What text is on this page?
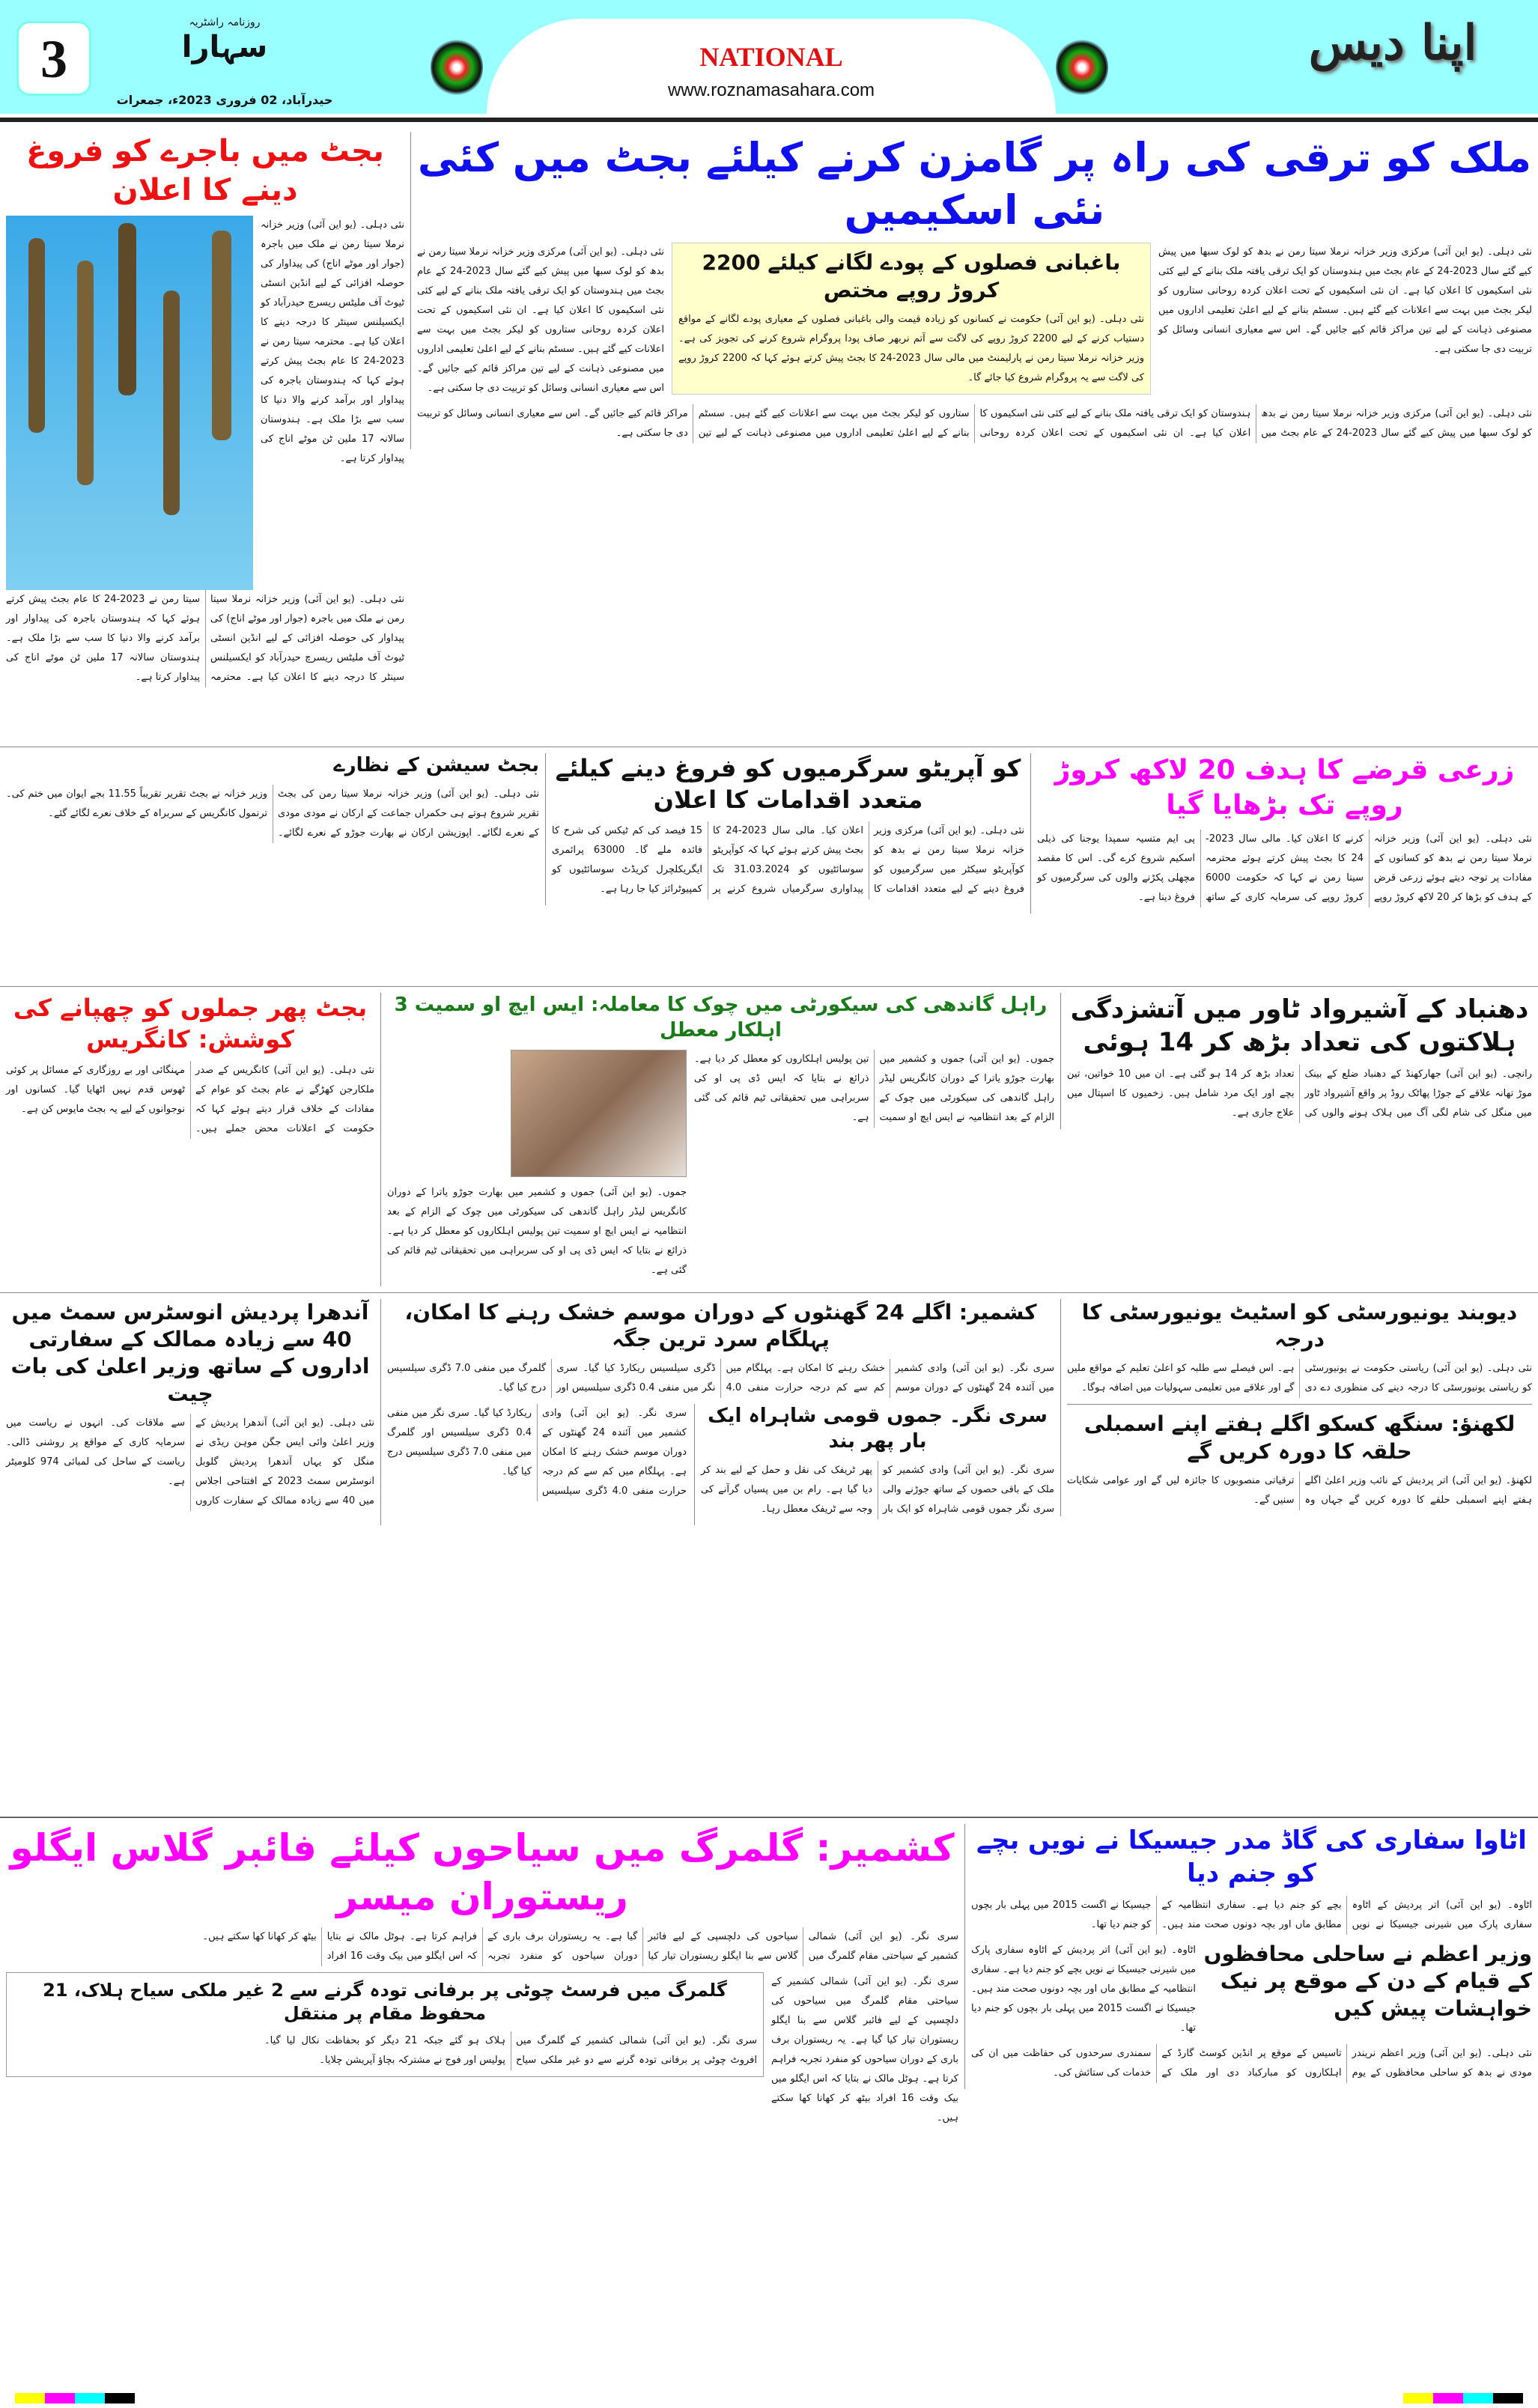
3
روزنامہ راشٹریہ
سہارا
حیدرآباد، 02 فروری 2023ء، جمعرات
NATIONAL
www.roznamasahara.com
اپنا دیس
بجٹ میں باجرے کو فروغ دینے کا اعلان
نئی دہلی۔ (یو این آئی) وزیر خزانہ نرملا سیتا رمن نے ملک میں باجرہ (جوار اور موٹے اناج) کی پیداوار کی حوصلہ افزائی کے لیے انڈین انسٹی ٹیوٹ آف ملیٹس ریسرچ حیدرآباد کو ایکسیلنس سینٹر کا درجہ دینے کا اعلان کیا ہے۔ محترمہ سیتا رمن نے 2023-24 کا عام بجٹ پیش کرتے ہوئے کہا کہ ہندوستان باجرہ کی پیداوار اور برآمد کرنے والا دنیا کا سب سے بڑا ملک ہے۔ ہندوستان سالانہ 17 ملین ٹن موٹے اناج کی پیداوار کرتا ہے۔
نئی دہلی۔ (یو این آئی) وزیر خزانہ نرملا سیتا رمن نے ملک میں باجرہ (جوار اور موٹے اناج) کی پیداوار کی حوصلہ افزائی کے لیے انڈین انسٹی ٹیوٹ آف ملیٹس ریسرچ حیدرآباد کو ایکسیلنس سینٹر کا درجہ دینے کا اعلان کیا ہے۔ محترمہ سیتا رمن نے 2023-24 کا عام بجٹ پیش کرتے ہوئے کہا کہ ہندوستان باجرہ کی پیداوار اور برآمد کرنے والا دنیا کا سب سے بڑا ملک ہے۔ ہندوستان سالانہ 17 ملین ٹن موٹے اناج کی پیداوار کرتا ہے۔
ملک کو ترقی کی راہ پر گامزن کرنے کیلئے بجٹ میں کئی نئی اسکیمیں
نئی دہلی۔ (یو این آئی) مرکزی وزیر خزانہ نرملا سیتا رمن نے بدھ کو لوک سبھا میں پیش کیے گئے سال 2023-24 کے عام بجٹ میں ہندوستان کو ایک ترقی یافتہ ملک بنانے کے لیے کئی نئی اسکیموں کا اعلان کیا ہے۔ ان نئی اسکیموں کے تحت اعلان کردہ روحانی ستاروں کو لیکر بجٹ میں بہت سے اعلانات کیے گئے ہیں۔ سسٹم بنانے کے لیے اعلیٰ تعلیمی اداروں میں مصنوعی ذہانت کے لیے تین مراکز قائم کیے جائیں گے۔ اس سے معیاری انسانی وسائل کو تربیت دی جا سکتی ہے۔
باغبانی فصلوں کے پودے لگانے کیلئے 2200 کروڑ روپے مختص
نئی دہلی۔ (یو این آئی) حکومت نے کسانوں کو زیادہ قیمت والی باغبانی فصلوں کے معیاری پودے لگانے کے مواقع دستیاب کرنے کے لیے 2200 کروڑ روپے کی لاگت سے آتم نربھر صاف پودا پروگرام شروع کرنے کی تجویز کی ہے۔ وزیر خزانہ نرملا سیتا رمن نے پارلیمنٹ میں مالی سال 2023-24 کا بجٹ پیش کرتے ہوئے کہا کہ 2200 کروڑ روپے کی لاگت سے یہ پروگرام شروع کیا جائے گا۔
نئی دہلی۔ (یو این آئی) مرکزی وزیر خزانہ نرملا سیتا رمن نے بدھ کو لوک سبھا میں پیش کیے گئے سال 2023-24 کے عام بجٹ میں ہندوستان کو ایک ترقی یافتہ ملک بنانے کے لیے کئی نئی اسکیموں کا اعلان کیا ہے۔ ان نئی اسکیموں کے تحت اعلان کردہ روحانی ستاروں کو لیکر بجٹ میں بہت سے اعلانات کیے گئے ہیں۔ سسٹم بنانے کے لیے اعلیٰ تعلیمی اداروں میں مصنوعی ذہانت کے لیے تین مراکز قائم کیے جائیں گے۔ اس سے معیاری انسانی وسائل کو تربیت دی جا سکتی ہے۔
نئی دہلی۔ (یو این آئی) مرکزی وزیر خزانہ نرملا سیتا رمن نے بدھ کو لوک سبھا میں پیش کیے گئے سال 2023-24 کے عام بجٹ میں ہندوستان کو ایک ترقی یافتہ ملک بنانے کے لیے کئی نئی اسکیموں کا اعلان کیا ہے۔ ان نئی اسکیموں کے تحت اعلان کردہ روحانی ستاروں کو لیکر بجٹ میں بہت سے اعلانات کیے گئے ہیں۔ سسٹم بنانے کے لیے اعلیٰ تعلیمی اداروں میں مصنوعی ذہانت کے لیے تین مراکز قائم کیے جائیں گے۔ اس سے معیاری انسانی وسائل کو تربیت دی جا سکتی ہے۔
بجٹ سیشن کے نظارے
نئی دہلی۔ (یو این آئی) وزیر خزانہ نرملا سیتا رمن کی بجٹ تقریر شروع ہوتے ہی حکمراں جماعت کے ارکان نے مودی مودی کے نعرے لگائے۔ اپوزیشن ارکان نے بھارت جوڑو کے نعرے لگائے۔ وزیر خزانہ نے بجٹ تقریر تقریباً 11.55 بجے ایوان میں ختم کی۔ ترنمول کانگریس کے سربراہ کے خلاف نعرے لگائے گئے۔
کو آپریٹو سرگرمیوں کو فروغ دینے کیلئے متعدد اقدامات کا اعلان
نئی دہلی۔ (یو این آئی) مرکزی وزیر خزانہ نرملا سیتا رمن نے بدھ کو کوآپریٹو سیکٹر میں سرگرمیوں کو فروغ دینے کے لیے متعدد اقدامات کا اعلان کیا۔ مالی سال 2023-24 کا بجٹ پیش کرتے ہوئے کہا کہ کوآپریٹو سوسائٹیوں کو 31.03.2024 تک پیداواری سرگرمیاں شروع کرنے پر 15 فیصد کی کم ٹیکس کی شرح کا فائدہ ملے گا۔ 63000 پرائمری ایگریکلچرل کریڈٹ سوسائٹیوں کو کمپیوٹرائز کیا جا رہا ہے۔
زرعی قرضے کا ہدف 20 لاکھ کروڑ روپے تک بڑھایا گیا
نئی دہلی۔ (یو این آئی) وزیر خزانہ نرملا سیتا رمن نے بدھ کو کسانوں کے مفادات پر توجہ دیتے ہوئے زرعی قرض کے ہدف کو بڑھا کر 20 لاکھ کروڑ روپے کرنے کا اعلان کیا۔ مالی سال 2023-24 کا بجٹ پیش کرتے ہوئے محترمہ سیتا رمن نے کہا کہ حکومت 6000 کروڑ روپے کی سرمایہ کاری کے ساتھ پی ایم متسیہ سمپدا یوجنا کی ذیلی اسکیم شروع کرے گی۔ اس کا مقصد مچھلی پکڑنے والوں کی سرگرمیوں کو فروغ دینا ہے۔
بجٹ پھر جملوں کو چھپانے کی کوشش: کانگریس
نئی دہلی۔ (یو این آئی) کانگریس کے صدر ملکارجن کھڑگے نے عام بجٹ کو عوام کے مفادات کے خلاف قرار دیتے ہوئے کہا کہ حکومت کے اعلانات محض جملے ہیں۔ مہنگائی اور بے روزگاری کے مسائل پر کوئی ٹھوس قدم نہیں اٹھایا گیا۔ کسانوں اور نوجوانوں کے لیے یہ بجٹ مایوس کن ہے۔
راہل گاندھی کی سیکورٹی میں چوک کا معاملہ: ایس ایچ او سمیت 3 اہلکار معطل
جموں۔ (یو این آئی) جموں و کشمیر میں بھارت جوڑو یاترا کے دوران کانگریس لیڈر راہل گاندھی کی سیکورٹی میں چوک کے الزام کے بعد انتظامیہ نے ایس ایچ او سمیت تین پولیس اہلکاروں کو معطل کر دیا ہے۔ ذرائع نے بتایا کہ ایس ڈی پی او کی سربراہی میں تحقیقاتی ٹیم قائم کی گئی ہے۔
جموں۔ (یو این آئی) جموں و کشمیر میں بھارت جوڑو یاترا کے دوران کانگریس لیڈر راہل گاندھی کی سیکورٹی میں چوک کے الزام کے بعد انتظامیہ نے ایس ایچ او سمیت تین پولیس اہلکاروں کو معطل کر دیا ہے۔ ذرائع نے بتایا کہ ایس ڈی پی او کی سربراہی میں تحقیقاتی ٹیم قائم کی گئی ہے۔
دھنباد کے آشیرواد ٹاور میں آتشزدگی ہلاکتوں کی تعداد بڑھ کر 14 ہوئی
رانچی۔ (یو این آئی) جھارکھنڈ کے دھنباد ضلع کے بینک موڑ تھانہ علاقے کے جوڑا پھاٹک روڈ پر واقع آشیرواد ٹاور میں منگل کی شام لگی آگ میں ہلاک ہونے والوں کی تعداد بڑھ کر 14 ہو گئی ہے۔ ان میں 10 خواتین، تین بچے اور ایک مرد شامل ہیں۔ زخمیوں کا اسپتال میں علاج جاری ہے۔
آندھرا پردیش انوسٹرس سمٹ میں 40 سے زیادہ ممالک کے سفارتی اداروں کے ساتھ وزیر اعلیٰ کی بات چیت
نئی دہلی۔ (یو این آئی) آندھرا پردیش کے وزیر اعلیٰ وائی ایس جگن موہن ریڈی نے منگل کو یہاں آندھرا پردیش گلوبل انوسٹرس سمٹ 2023 کے افتتاحی اجلاس میں 40 سے زیادہ ممالک کے سفارت کاروں سے ملاقات کی۔ انہوں نے ریاست میں سرمایہ کاری کے مواقع پر روشنی ڈالی۔ ریاست کے ساحل کی لمبائی 974 کلومیٹر ہے۔
کشمیر: اگلے 24 گھنٹوں کے دوران موسم خشک رہنے کا امکان، پہلگام سرد ترین جگہ
سری نگر۔ (یو این آئی) وادی کشمیر میں آئندہ 24 گھنٹوں کے دوران موسم خشک رہنے کا امکان ہے۔ پہلگام میں کم سے کم درجہ حرارت منفی 4.0 ڈگری سیلسیس ریکارڈ کیا گیا۔ سری نگر میں منفی 0.4 ڈگری سیلسیس اور گلمرگ میں منفی 7.0 ڈگری سیلسیس درج کیا گیا۔
سری نگر۔ (یو این آئی) وادی کشمیر میں آئندہ 24 گھنٹوں کے دوران موسم خشک رہنے کا امکان ہے۔ پہلگام میں کم سے کم درجہ حرارت منفی 4.0 ڈگری سیلسیس ریکارڈ کیا گیا۔ سری نگر میں منفی 0.4 ڈگری سیلسیس اور گلمرگ میں منفی 7.0 ڈگری سیلسیس درج کیا گیا۔
سری نگر۔ جموں قومی شاہراہ ایک بار پھر بند
سری نگر۔ (یو این آئی) وادی کشمیر کو ملک کے باقی حصوں کے ساتھ جوڑنے والی سری نگر جموں قومی شاہراہ کو ایک بار پھر ٹریفک کی نقل و حمل کے لیے بند کر دیا گیا ہے۔ رام بن میں پسیاں گرآنے کی وجہ سے ٹریفک معطل رہا۔
دیوبند یونیورسٹی کو اسٹیٹ یونیورسٹی کا درجہ
نئی دہلی۔ (یو این آئی) ریاستی حکومت نے یونیورسٹی کو ریاستی یونیورسٹی کا درجہ دینے کی منظوری دے دی ہے۔ اس فیصلے سے طلبہ کو اعلیٰ تعلیم کے مواقع ملیں گے اور علاقے میں تعلیمی سہولیات میں اضافہ ہوگا۔
لکھنؤ: سنگھ کسکو اگلے ہفتے اپنے اسمبلی حلقہ کا دورہ کریں گے
لکھنؤ۔ (یو این آئی) اتر پردیش کے نائب وزیر اعلیٰ اگلے ہفتے اپنے اسمبلی حلقے کا دورہ کریں گے جہاں وہ ترقیاتی منصوبوں کا جائزہ لیں گے اور عوامی شکایات سنیں گے۔
کشمیر: گلمرگ میں سیاحوں کیلئے فائبر گلاس ایگلو ریستوران میسر
سری نگر۔ (یو این آئی) شمالی کشمیر کے سیاحتی مقام گلمرگ میں سیاحوں کی دلچسپی کے لیے فائبر گلاس سے بنا ایگلو ریستوران تیار کیا گیا ہے۔ یہ ریستوران برف باری کے دوران سیاحوں کو منفرد تجربہ فراہم کرتا ہے۔ ہوٹل مالک نے بتایا کہ اس ایگلو میں بیک وقت 16 افراد بیٹھ کر کھانا کھا سکتے ہیں۔
گلمرگ میں فرسٹ چوٹی پر برفانی تودہ گرنے سے 2 غیر ملکی سیاح ہلاک، 21 محفوظ مقام پر منتقل
سری نگر۔ (یو این آئی) شمالی کشمیر کے گلمرگ میں افروٹ چوٹی پر برفانی تودہ گرنے سے دو غیر ملکی سیاح ہلاک ہو گئے جبکہ 21 دیگر کو بحفاظت نکال لیا گیا۔ پولیس اور فوج نے مشترکہ بچاؤ آپریشن چلایا۔
سری نگر۔ (یو این آئی) شمالی کشمیر کے سیاحتی مقام گلمرگ میں سیاحوں کی دلچسپی کے لیے فائبر گلاس سے بنا ایگلو ریستوران تیار کیا گیا ہے۔ یہ ریستوران برف باری کے دوران سیاحوں کو منفرد تجربہ فراہم کرتا ہے۔ ہوٹل مالک نے بتایا کہ اس ایگلو میں بیک وقت 16 افراد بیٹھ کر کھانا کھا سکتے ہیں۔
اٹاوا سفاری کی گاڈ مدر جیسیکا نے نویں بچے کو جنم دیا
اٹاوہ۔ (یو این آئی) اتر پردیش کے اٹاوہ سفاری پارک میں شیرنی جیسیکا نے نویں بچے کو جنم دیا ہے۔ سفاری انتظامیہ کے مطابق ماں اور بچہ دونوں صحت مند ہیں۔ جیسیکا نے اگست 2015 میں پہلی بار بچوں کو جنم دیا تھا۔
اٹاوہ۔ (یو این آئی) اتر پردیش کے اٹاوہ سفاری پارک میں شیرنی جیسیکا نے نویں بچے کو جنم دیا ہے۔ سفاری انتظامیہ کے مطابق ماں اور بچہ دونوں صحت مند ہیں۔ جیسیکا نے اگست 2015 میں پہلی بار بچوں کو جنم دیا تھا۔
وزیر اعظم نے ساحلی محافظوں کے قیام کے دن کے موقع پر نیک خواہشات پیش کیں
نئی دہلی۔ (یو این آئی) وزیر اعظم نریندر مودی نے بدھ کو ساحلی محافظوں کے یوم تاسیس کے موقع پر انڈین کوسٹ گارڈ کے اہلکاروں کو مبارکباد دی اور ملک کے سمندری سرحدوں کی حفاظت میں ان کی خدمات کی ستائش کی۔
